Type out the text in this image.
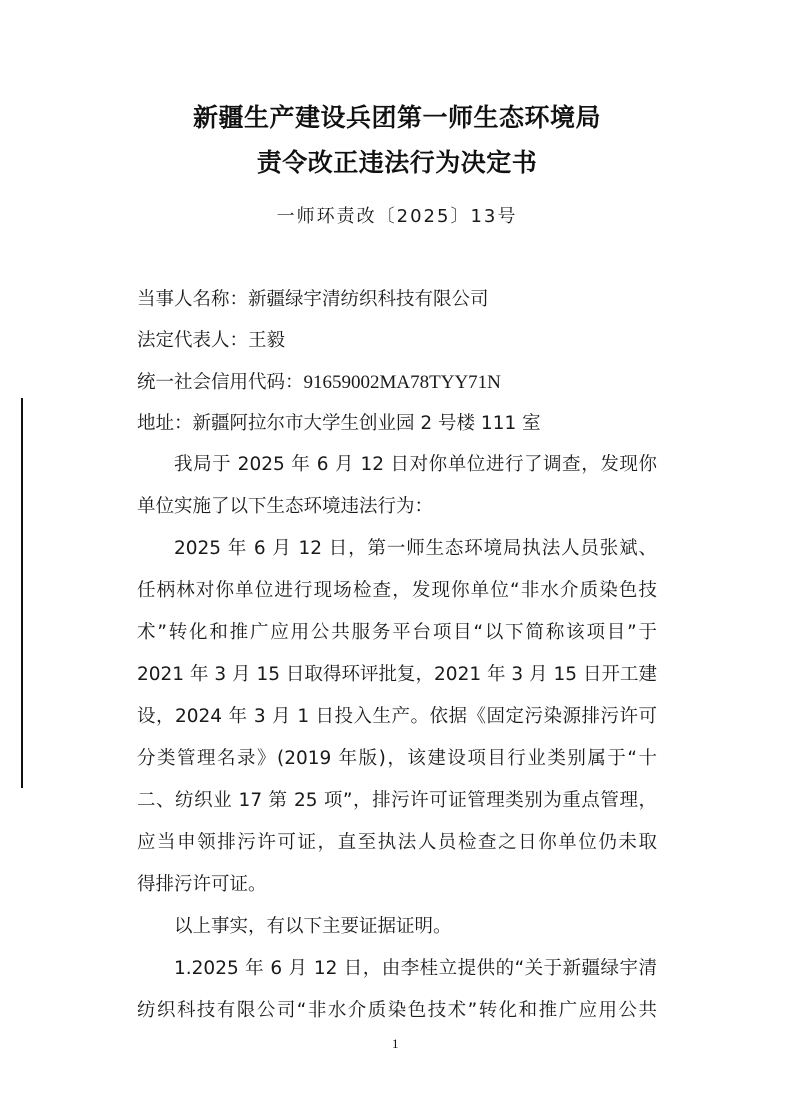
新疆生产建设兵团第一师生态环境局
责令改正违法行为决定书
一师环责改〔2025〕13号
当事人名称：新疆绿宇清纺织科技有限公司
法定代表人：王毅
统一社会信用代码：91659002MA78TYY71N
地址：新疆阿拉尔市大学生创业园 2 号楼 111 室
我局于 2025 年 6 月 12 日对你单位进行了调查，发现你
单位实施了以下生态环境违法行为：
2025 年 6 月 12 日，第一师生态环境局执法人员张斌、
任柄林对你单位进行现场检查，发现你单位“非水介质染色技
术”转化和推广应用公共服务平台项目“以下简称该项目”于
2021 年 3 月 15 日取得环评批复，2021 年 3 月 15 日开工建
设，2024 年 3 月 1 日投入生产。依据《固定污染源排污许可
分类管理名录》(2019 年版)，该建设项目行业类别属于“十
二、纺织业 17 第 25 项”，排污许可证管理类别为重点管理，
应当申领排污许可证，直至执法人员检查之日你单位仍未取
得排污许可证。
以上事实，有以下主要证据证明。
1.2025 年 6 月 12 日，由李桂立提供的“关于新疆绿宇清
纺织科技有限公司“非水介质染色技术”转化和推广应用公共
1
